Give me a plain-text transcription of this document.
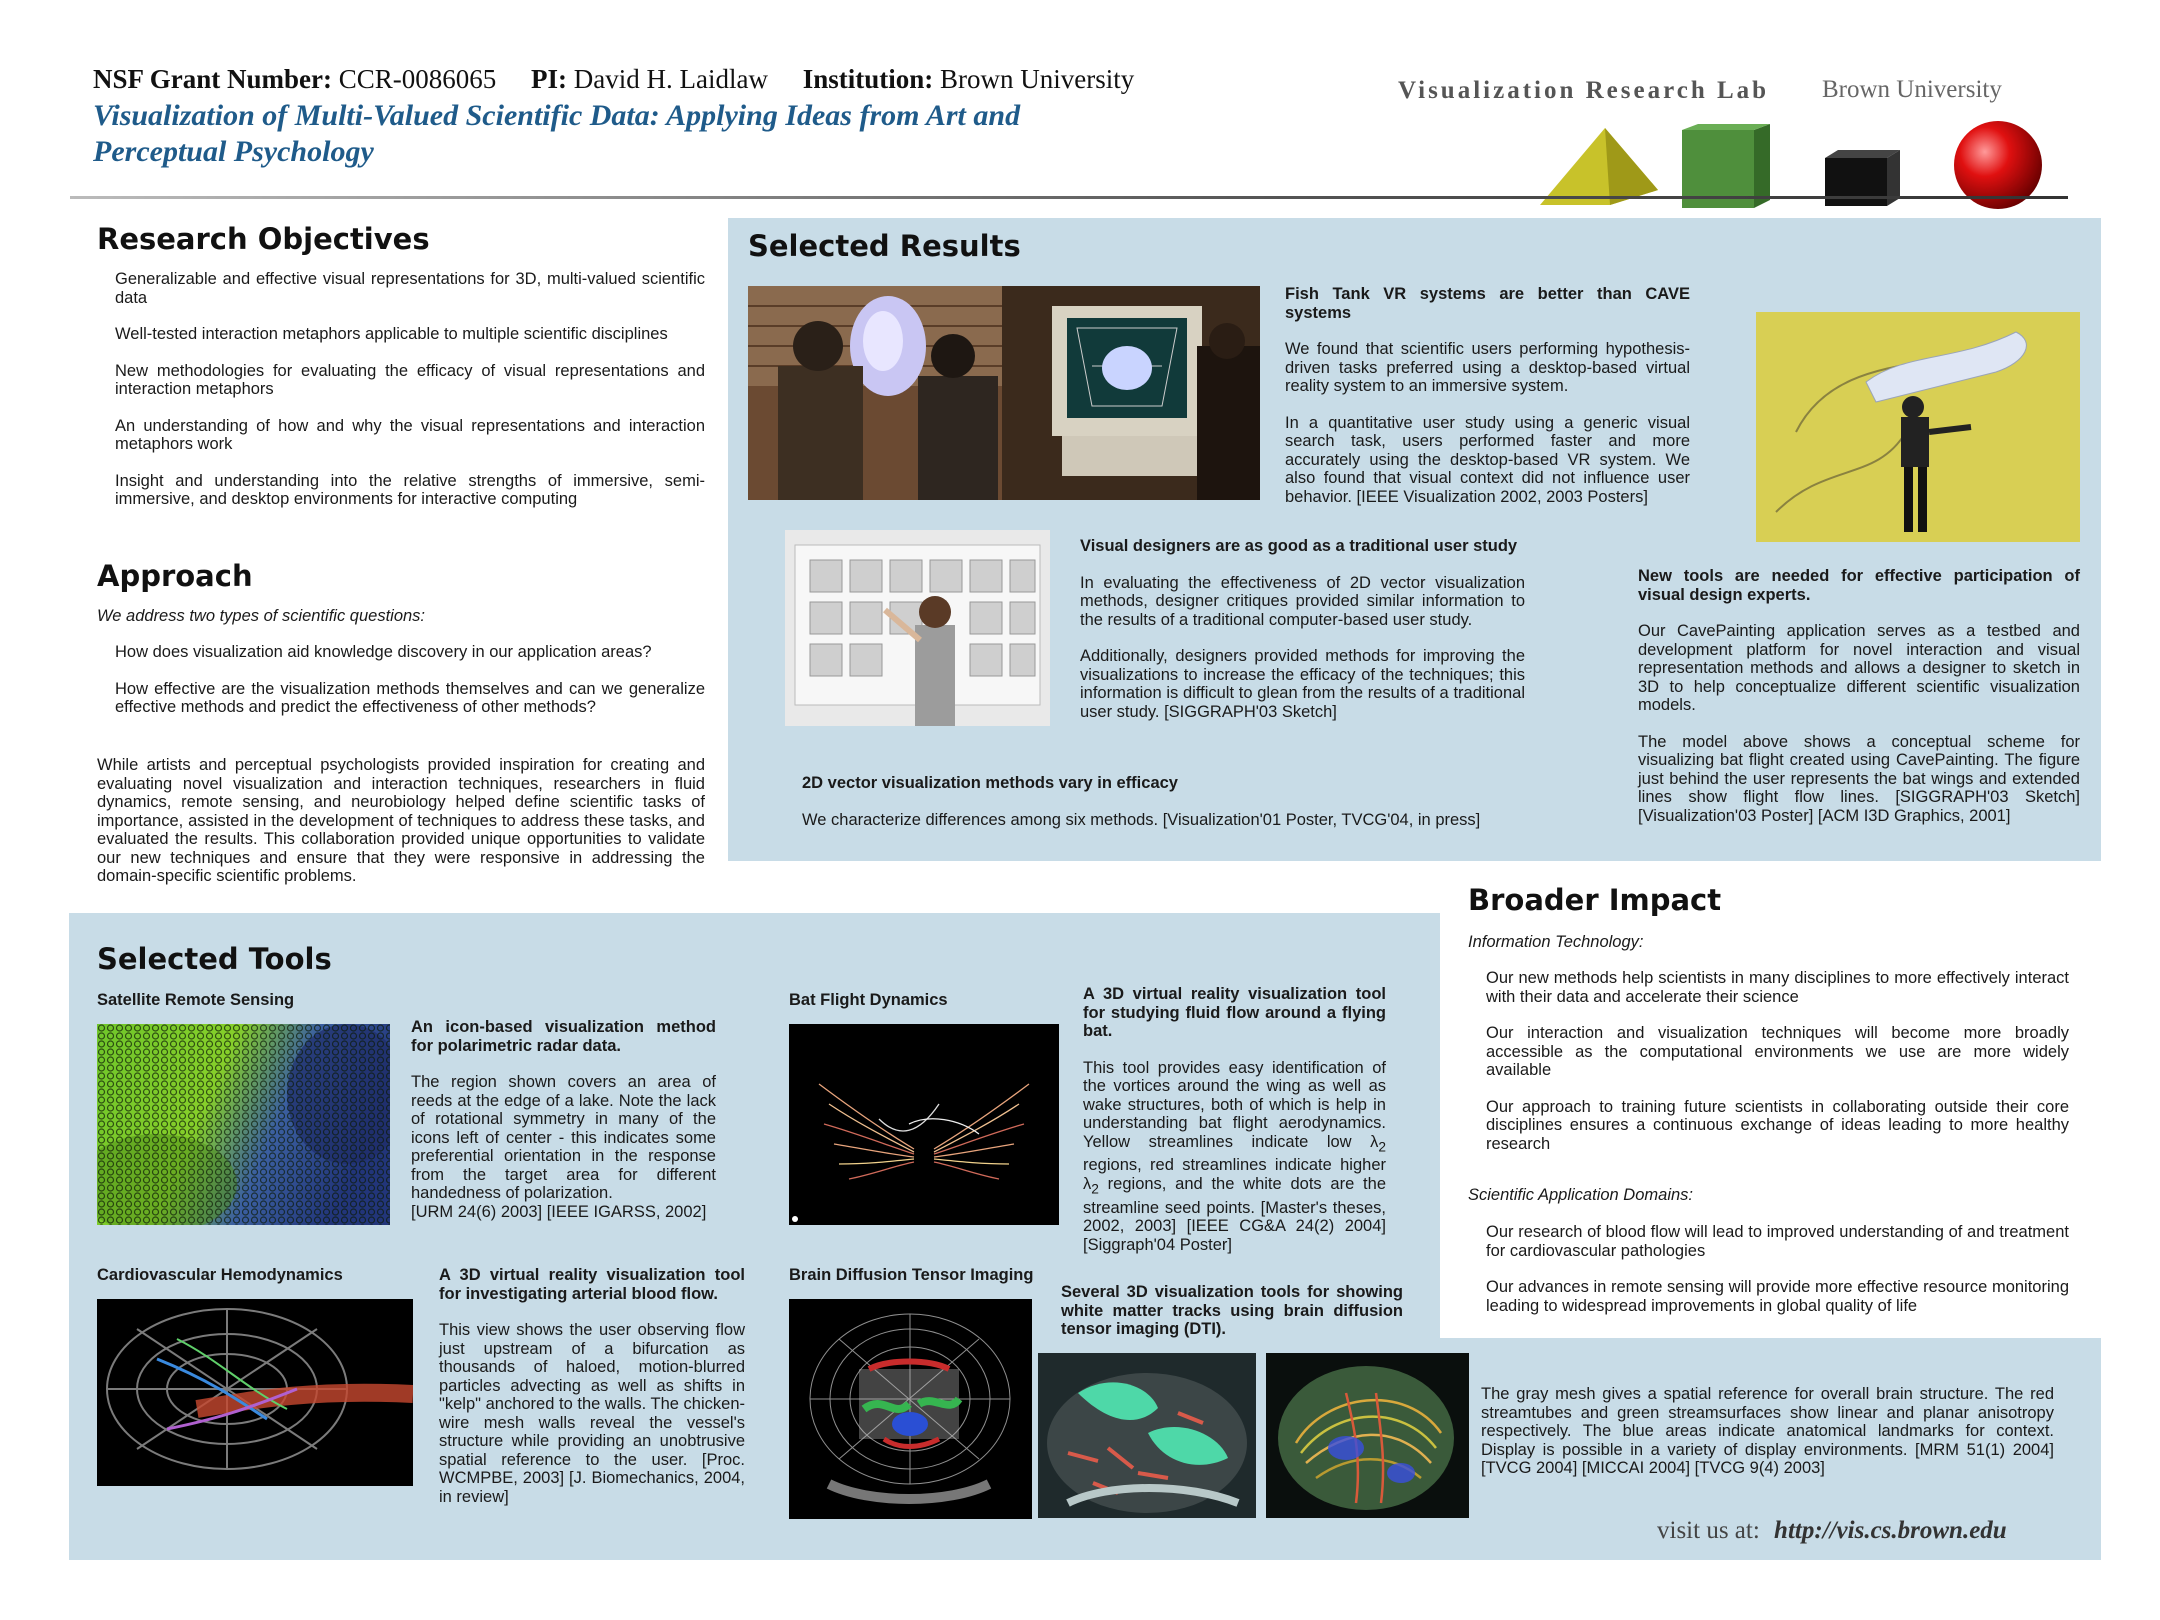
NSF Grant Number: CCR-0086065 PI: David H. Laidlaw Institution: Brown University
Visualization of Multi-Valued Scientific Data: Applying Ideas from Art and
Perceptual Psychology
Visualization Research Lab Brown University
Research Objectives
Generalizable and effective visual representations for 3D, multi-valued scientific data
Well-tested interaction metaphors applicable to multiple scientific disciplines
New methodologies for evaluating the efficacy of visual representations and interaction metaphors
An understanding of how and why the visual representations and interaction metaphors work
Insight and understanding into the relative strengths of immersive, semi-immersive, and desktop environments for interactive computing
Approach
We address two types of scientific questions:
How does visualization aid knowledge discovery in our application areas?
How effective are the visualization methods themselves and can we generalize effective methods and predict the effectiveness of other methods?
While artists and perceptual psychologists provided inspiration for creating and evaluating novel visualization and interaction techniques, researchers in fluid dynamics, remote sensing, and neurobiology helped define scientific tasks of importance, assisted in the development of techniques to address these tasks, and evaluated the results. This collaboration provided unique opportunities to validate our new techniques and ensure that they were responsive in addressing the domain-specific scientific problems.
Selected Results
Fish Tank VR systems are better than CAVE systems
We found that scientific users performing hypothesis-driven tasks preferred using a desktop-based virtual reality system to an immersive system.
In a quantitative user study using a generic visual search task, users performed faster and more accurately using the desktop-based VR system. We also found that visual context did not influence user behavior. [IEEE Visualization 2002, 2003 Posters]
Visual designers are as good as a traditional user study
In evaluating the effectiveness of 2D vector visualization methods, designer critiques provided similar information to the results of a traditional computer-based user study.
Additionally, designers provided methods for improving the visualizations to increase the efficacy of the techniques; this information is difficult to glean from the results of a traditional user study. [SIGGRAPH'03 Sketch]
2D vector visualization methods vary in efficacy
We characterize differences among six methods. [Visualization'01 Poster, TVCG'04, in press]
New tools are needed for effective participation of visual design experts.
Our CavePainting application serves as a testbed and development platform for novel interaction and visual representation methods and allows a designer to sketch in 3D to help conceptualize different scientific visualization models.
The model above shows a conceptual scheme for visualizing bat flight created using CavePainting. The figure just behind the user represents the bat wings and extended lines show flight flow lines. [SIGGRAPH'03 Sketch] [Visualization'03 Poster] [ACM I3D Graphics, 2001]
Broader Impact
Information Technology:
Our new methods help scientists in many disciplines to more effectively interact with their data and accelerate their science
Our interaction and visualization techniques will become more broadly accessible as the computational environments we use are more widely available
Our approach to training future scientists in collaborating outside their core disciplines ensures a continuous exchange of ideas leading to more healthy research
Scientific Application Domains:
Our research of blood flow will lead to improved understanding of and treatment for cardiovascular pathologies
Our advances in remote sensing will provide more effective resource monitoring leading to widespread improvements in global quality of life
Selected Tools
Satellite Remote Sensing
An icon-based visualization method for polarimetric radar data.
The region shown covers an area of reeds at the edge of a lake. Note the lack of rotational symmetry in many of the icons left of center - this indicates some preferential orientation in the response from the target area for different handedness of polarization.
[URM 24(6) 2003] [IEEE IGARSS, 2002]
Bat Flight Dynamics	A 3D virtual reality visualization tool for studying fluid flow around a flying bat.
This tool provides easy identification of the vortices around the wing as well as wake structures, both of which is help in understanding bat flight aerodynamics. Yellow streamlines indicate low $\lambda_2$ regions, red streamlines indicate higher $\lambda_2$ regions, and the white dots are the streamline seed points. [Master's theses, 2002, 2003] [IEEE CG&A 24(2) 2004] [Siggraph'04 Poster]
Cardiovascular Hemodynamics	A 3D virtual reality visualization tool for investigating arterial blood flow.
This view shows the user observing flow just upstream of a bifurcation as thousands of haloed, motion-blurred particles advecting as well as shifts in "kelp" anchored to the walls. The chicken-wire mesh walls reveal the vessel's structure while providing an unobtrusive spatial reference to the user. [Proc. WCMPBE, 2003] [J. Biomechanics, 2004, in review]
Brain Diffusion Tensor Imaging
Several 3D visualization tools for showing white matter tracks using brain diffusion tensor imaging (DTI).
The gray mesh gives a spatial reference for overall brain structure. The red streamtubes and green streamsurfaces show linear and planar anisotropy respectively. The blue areas indicate anatomical landmarks for context. Display is possible in a variety of display environments. [MRM 51(1) 2004] [TVCG 2004] [MICCAI 2004] [TVCG 9(4) 2003]
visit us at: http://vis.cs.brown.edu
